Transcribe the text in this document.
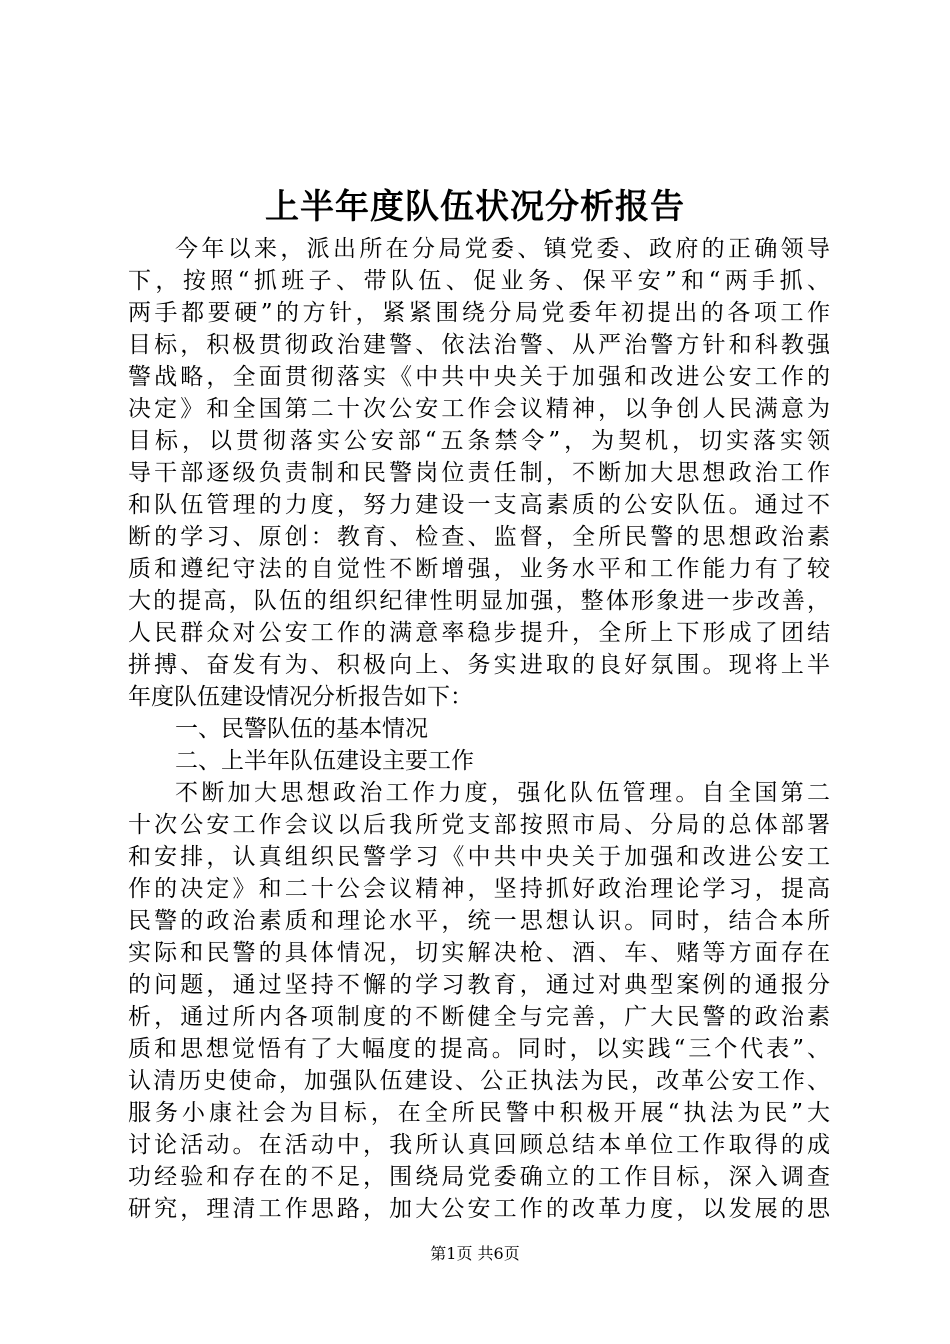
上半年度队伍状况分析报告
今年以来，派出所在分局党委、镇党委、政府的正确领导
下，按照“抓班子、带队伍、促业务、保平安”和“两手抓、
两手都要硬”的方针，紧紧围绕分局党委年初提出的各项工作
目标，积极贯彻政治建警、依法治警、从严治警方针和科教强
警战略，全面贯彻落实《中共中央关于加强和改进公安工作的
决定》和全国第二十次公安工作会议精神，以争创人民满意为
目标，以贯彻落实公安部“五条禁令”，为契机，切实落实领
导干部逐级负责制和民警岗位责任制，不断加大思想政治工作
和队伍管理的力度，努力建设一支高素质的公安队伍。通过不
断的学习、原创：教育、检查、监督，全所民警的思想政治素
质和遵纪守法的自觉性不断增强，业务水平和工作能力有了较
大的提高，队伍的组织纪律性明显加强，整体形象进一步改善，
人民群众对公安工作的满意率稳步提升，全所上下形成了团结
拼搏、奋发有为、积极向上、务实进取的良好氛围。现将上半
年度队伍建设情况分析报告如下：
一、民警队伍的基本情况
二、上半年队伍建设主要工作
不断加大思想政治工作力度，强化队伍管理。自全国第二
十次公安工作会议以后我所党支部按照市局、分局的总体部署
和安排，认真组织民警学习《中共中央关于加强和改进公安工
作的决定》和二十公会议精神，坚持抓好政治理论学习，提高
民警的政治素质和理论水平，统一思想认识。同时，结合本所
实际和民警的具体情况，切实解决枪、酒、车、赌等方面存在
的问题，通过坚持不懈的学习教育，通过对典型案例的通报分
析，通过所内各项制度的不断健全与完善，广大民警的政治素
质和思想觉悟有了大幅度的提高。同时，以实践“三个代表”、
认清历史使命，加强队伍建设、公正执法为民，改革公安工作、
服务小康社会为目标，在全所民警中积极开展“执法为民”大
讨论活动。在活动中，我所认真回顾总结本单位工作取得的成
功经验和存在的不足，围绕局党委确立的工作目标，深入调查
研究，理清工作思路，加大公安工作的改革力度，以发展的思
第1页 共6页
